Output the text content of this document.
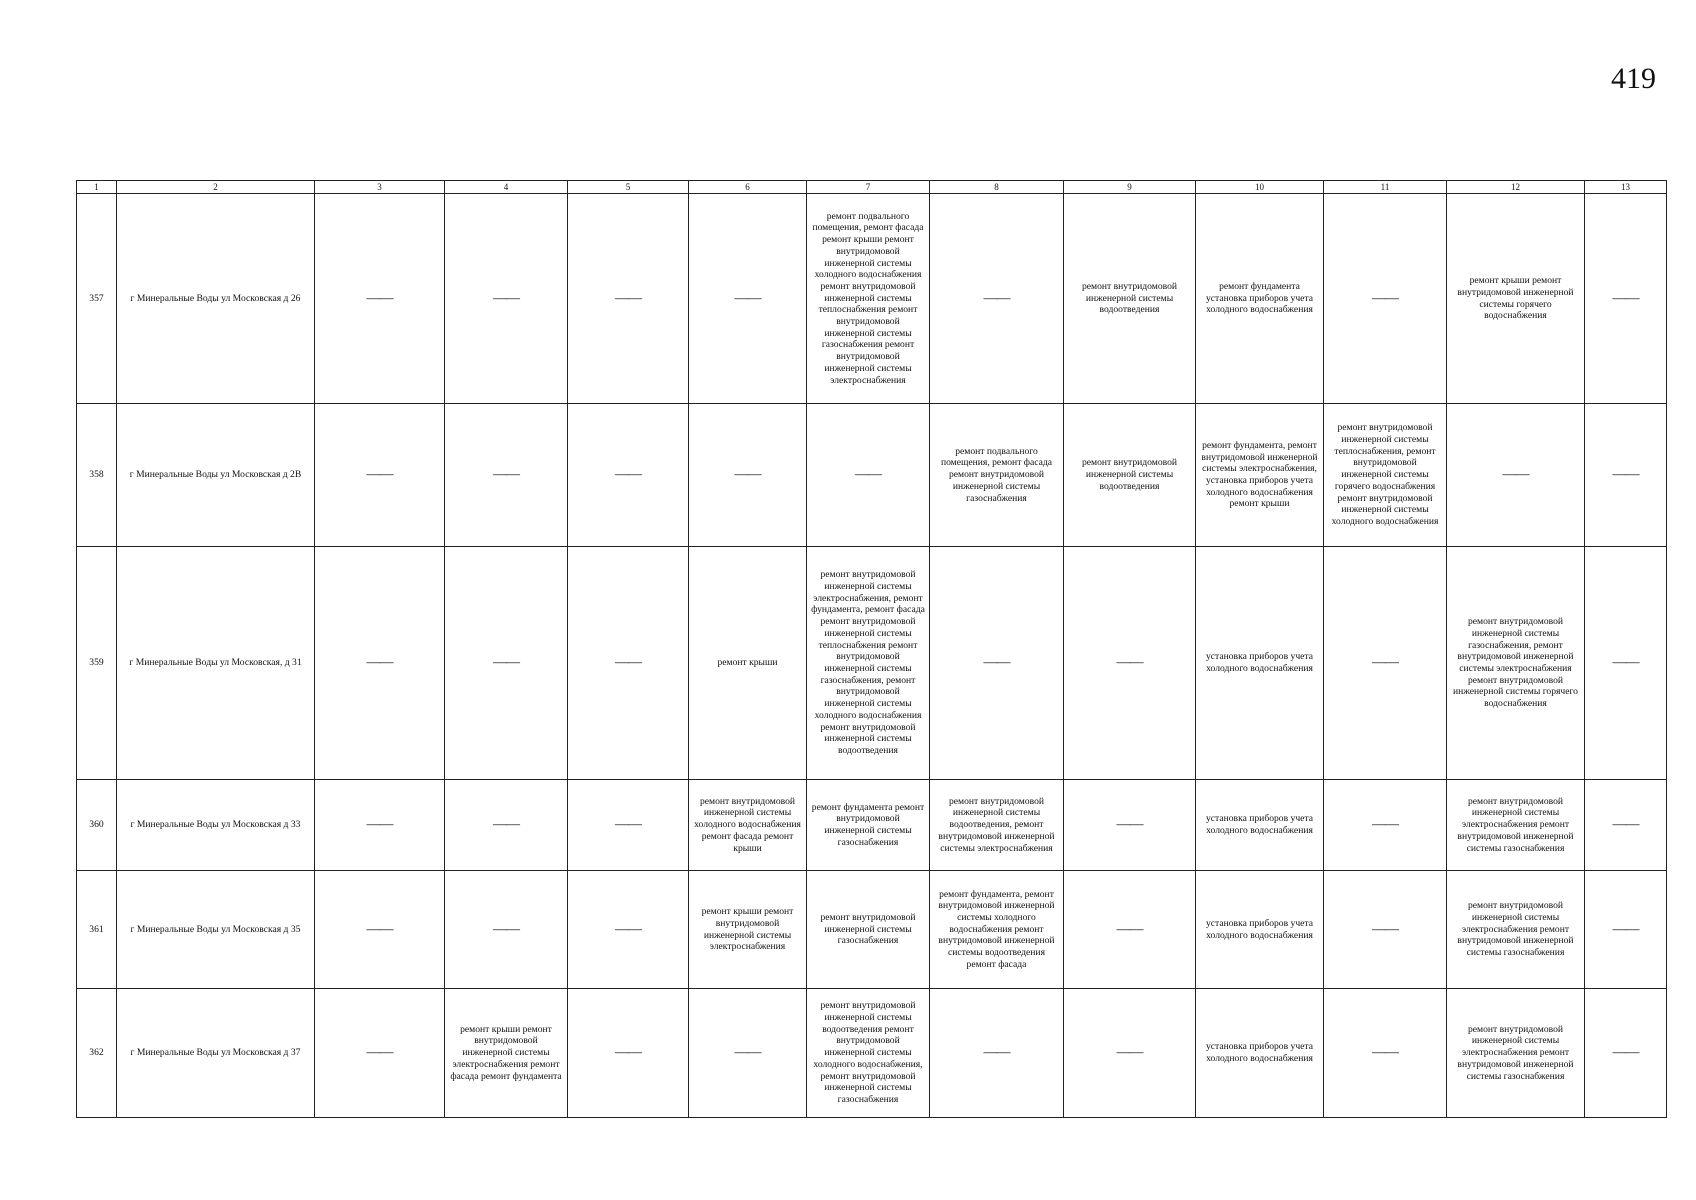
419
1	2	3	4	5	6	7	8	9	10	11	12	13
357	г Минеральные Воды ул Московская д 26	——	——	——	——	ремонт подвального помещения, ремонт фасада ремонт крыши ремонт внутридомовой инженерной системы холодного водоснабжения ремонт внутридомовой инженерной системы теплоснабжения ремонт внутридомовой инженерной системы газоснабжения ремонт внутридомовой инженерной системы электроснабжения	——	ремонт внутридомовой инженерной системы водоотведения	ремонт фундамента установка приборов учета холодного водоснабжения	——	ремонт крыши ремонт внутридомовой инженерной системы горячего водоснабжения	——
358	г Минеральные Воды ул Московская д 2В	——	——	——	——	——	ремонт подвального помещения, ремонт фасада ремонт внутридомовой инженерной системы газоснабжения	ремонт внутридомовой инженерной системы водоотведения	ремонт фундамента, ремонт внутридомовой инженерной системы электроснабжения, установка приборов учета холодного водоснабжения ремонт крыши	ремонт внутридомовой инженерной системы теплоснабжения, ремонт внутридомовой инженерной системы горячего водоснабжения ремонт внутридомовой инженерной системы холодного водоснабжения	——	——
359	г Минеральные Воды ул Московская, д 31	——	——	——	ремонт крыши	ремонт внутридомовой инженерной системы электроснабжения, ремонт фундамента, ремонт фасада ремонт внутридомовой инженерной системы теплоснабжения ремонт внутридомовой инженерной системы газоснабжения, ремонт внутридомовой инженерной системы холодного водоснабжения ремонт внутридомовой инженерной системы водоотведения	——	——	установка приборов учета холодного водоснабжения	——	ремонт внутридомовой инженерной системы газоснабжения, ремонт внутридомовой инженерной системы электроснабжения ремонт внутридомовой инженерной системы горячего водоснабжения	——
360	г Минеральные Воды ул Московская д 33	——	——	——	ремонт внутридомовой инженерной системы холодного водоснабжения ремонт фасада ремонт крыши	ремонт фундамента ремонт внутридомовой инженерной системы газоснабжения	ремонт внутридомовой инженерной системы водоотведения, ремонт внутридомовой инженерной системы электроснабжения	——	установка приборов учета холодного водоснабжения	——	ремонт внутридомовой инженерной системы электроснабжения ремонт внутридомовой инженерной системы газоснабжения	——
361	г Минеральные Воды ул Московская д 35	——	——	——	ремонт крыши ремонт внутридомовой инженерной системы электроснабжения	ремонт внутридомовой инженерной системы газоснабжения	ремонт фундамента, ремонт внутридомовой инженерной системы холодного водоснабжения ремонт внутридомовой инженерной системы водоотведения ремонт фасада	——	установка приборов учета холодного водоснабжения	——	ремонт внутридомовой инженерной системы электроснабжения ремонт внутридомовой инженерной системы газоснабжения	——
362	г Минеральные Воды ул Московская д 37	——	ремонт крыши ремонт внутридомовой инженерной системы электроснабжения ремонт фасада ремонт фундамента	——	——	ремонт внутридомовой инженерной системы водоотведения ремонт внутридомовой инженерной системы холодного водоснабжения, ремонт внутридомовой инженерной системы газоснабжения	——	——	установка приборов учета холодного водоснабжения	——	ремонт внутридомовой инженерной системы электроснабжения ремонт внутридомовой инженерной системы газоснабжения	——
